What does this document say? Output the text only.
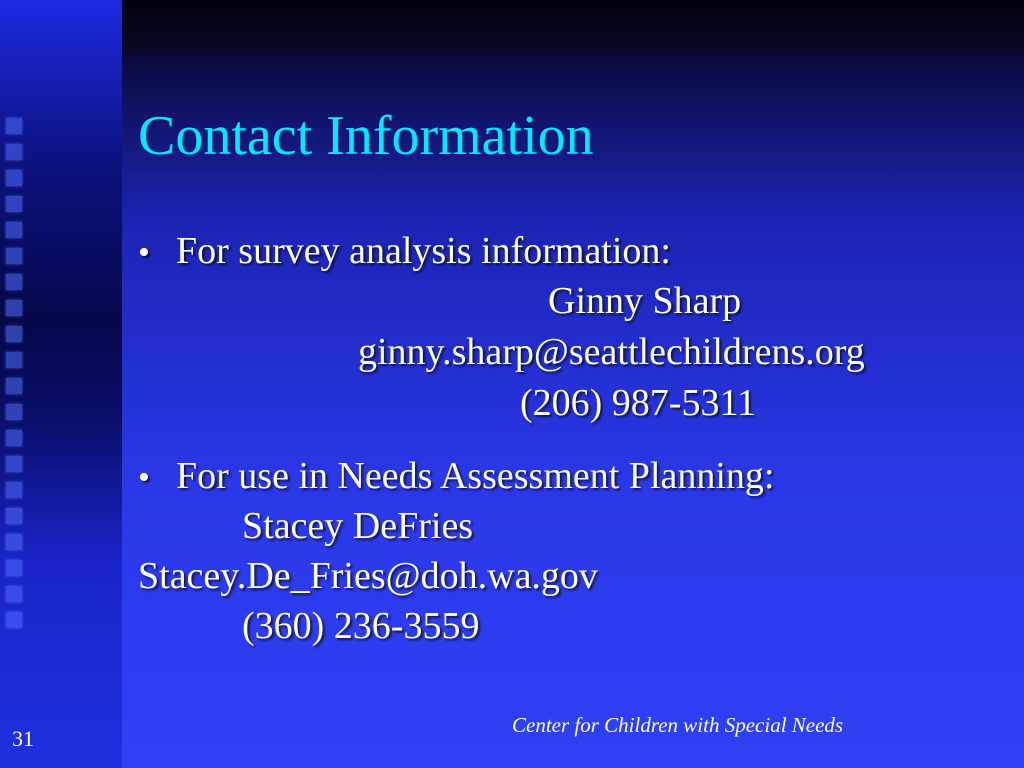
Contact Information
• For survey analysis information:
Ginny Sharp
ginny.sharp@seattlechildrens.org
(206) 987-5311
• For use in Needs Assessment Planning:
Stacey DeFries
Stacey.De_Fries@doh.wa.gov
(360) 236-3559
Center for Children with Special Needs
31
